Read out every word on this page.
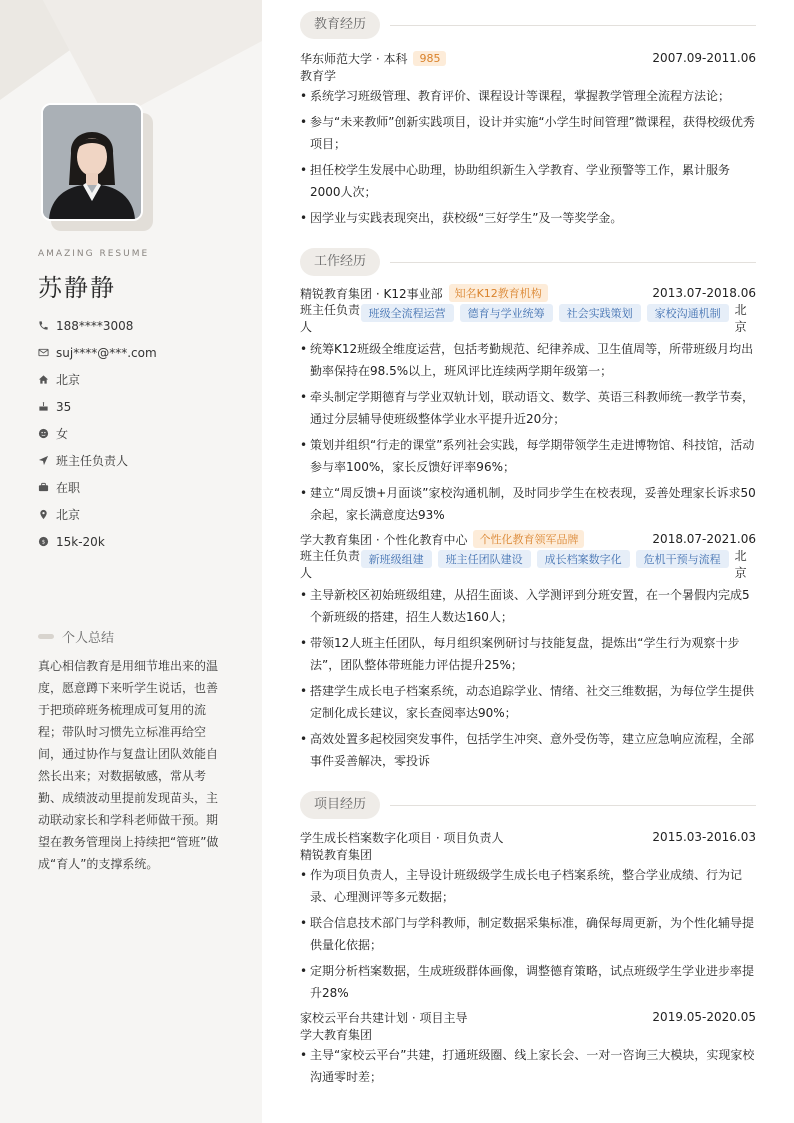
AMAZING RESUME
苏静静
188****3008
suj****@***.com
北京
35
女
班主任负责人
在职
北京
$ 15k-20k
个人总结
真心相信教育是用细节堆出来的温度，愿意蹲下来听学生说话，也善于把琐碎班务梳理成可复用的流程；带队时习惯先立标准再给空间，通过协作与复盘让团队效能自然长出来；对数据敏感，常从考勤、成绩波动里提前发现苗头，主动联动家长和学科老师做干预。期望在教务管理岗上持续把“管班”做成“育人”的支撑系统。
教育经历
华东师范大学 · 本科	985	2007.09-2011.06
教育学
• 系统学习班级管理、教育评价、课程设计等课程，掌握教学管理全流程方法论；
• 参与“未来教师”创新实践项目，设计并实施“小学生时间管理”微课程，获得校级优秀项目；
• 担任校学生发展中心助理，协助组织新生入学教育、学业预警等工作，累计服务2000人次；
• 因学业与实践表现突出，获校级“三好学生”及一等奖学金。
工作经历
精锐教育集团 · K12事业部	知名K12教育机构	2013.07-2018.06
班主任负责人
班级全流程运营	德育与学业统筹	社会实践策划	家校沟通机制	北京
• 统筹K12班级全维度运营，包括考勤规范、纪律养成、卫生值周等，所带班级月均出勤率保持在98.5%以上，班风评比连续两学期年级第一；
• 牵头制定学期德育与学业双轨计划，联动语文、数学、英语三科教师统一教学节奏，通过分层辅导使班级整体学业水平提升近20分；
• 策划并组织“行走的课堂”系列社会实践，每学期带领学生走进博物馆、科技馆，活动参与率100%，家长反馈好评率96%；
• 建立“周反馈+月面谈”家校沟通机制，及时同步学生在校表现，妥善处理家长诉求50余起，家长满意度达93%
学大教育集团 · 个性化教育中心	个性化教育领军品牌	2018.07-2021.06
班主任负责人
新班级组建	班主任团队建设	成长档案数字化	危机干预与流程	北京
• 主导新校区初始班级组建，从招生面谈、入学测评到分班安置，在一个暑假内完成5个新班级的搭建，招生人数达160人；
• 带领12人班主任团队，每月组织案例研讨与技能复盘，提炼出“学生行为观察十步法”，团队整体带班能力评估提升25%；
• 搭建学生成长电子档案系统，动态追踪学业、情绪、社交三维数据，为每位学生提供定制化成长建议，家长查阅率达90%；
• 高效处置多起校园突发事件，包括学生冲突、意外受伤等，建立应急响应流程，全部事件妥善解决，零投诉
项目经历
学生成长档案数字化项目 · 项目负责人	2015.03-2016.03
精锐教育集团
• 作为项目负责人，主导设计班级级学生成长电子档案系统，整合学业成绩、行为记录、心理测评等多元数据；
• 联合信息技术部门与学科教师，制定数据采集标准，确保每周更新，为个性化辅导提供量化依据；
• 定期分析档案数据，生成班级群体画像，调整德育策略，试点班级学生学业进步率提升28%
家校云平台共建计划 · 项目主导	2019.05-2020.05
学大教育集团
• 主导“家校云平台”共建，打通班级圈、线上家长会、一对一咨询三大模块，实现家校沟通零时差；
